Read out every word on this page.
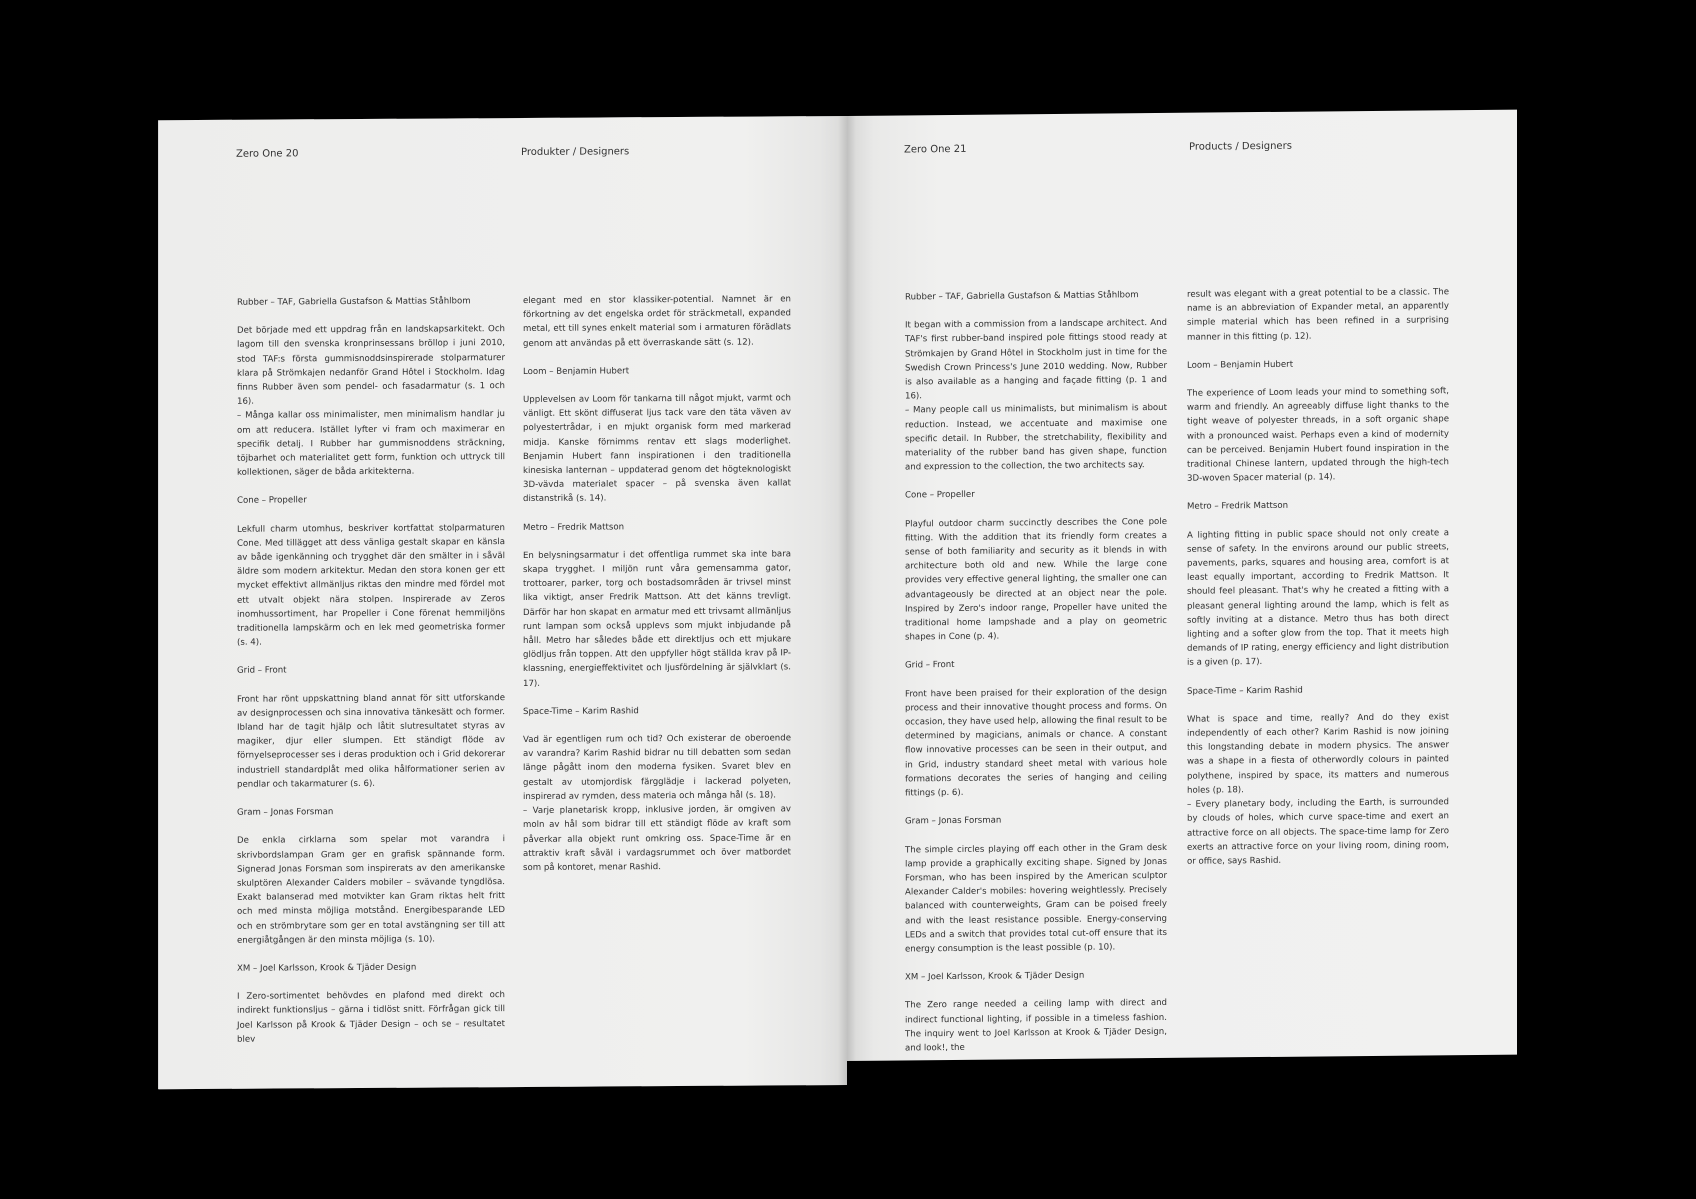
Zero One 20	Produkter / Designers

Rubber – TAF, Gabriella Gustafson & Mattias Ståhlbom

Det började med ett uppdrag från en landskapsarkitekt. Och lagom till den svenska kronprinsessans bröllop i juni 2010, stod TAF:s första gummisnoddsinspirerade stolparmaturer klara på Strömkajen nedanför Grand Hôtel i Stockholm. Idag finns Rubber även som pendel- och fasadarmatur (s. 1 och 16).
– Många kallar oss minimalister, men minimalism handlar ju om att reducera. Istället lyfter vi fram och maximerar en specifik detalj. I Rubber har gummisnoddens sträckning, töjbarhet och materialitet gett form, funktion och uttryck till kollektionen, säger de båda arkitekterna.

Cone – Propeller

Lekfull charm utomhus, beskriver kortfattat stolparmaturen Cone. Med tillägget att dess vänliga gestalt skapar en känsla av både igenkänning och trygghet där den smälter in i såväl äldre som modern arkitektur. Medan den stora konen ger ett mycket effektivt allmänljus riktas den mindre med fördel mot ett utvalt objekt nära stolpen. Inspirerade av Zeros inomhussortiment, har Propeller i Cone förenat hemmiljöns traditionella lampskärm och en lek med geometriska former (s. 4).

Grid – Front

Front har rönt uppskattning bland annat för sitt utforskande av designprocessen och sina innovativa tänkesätt och former. Ibland har de tagit hjälp och låtit slutresultatet styras av magiker, djur eller slumpen. Ett ständigt flöde av förnyelseprocesser ses i deras produktion och i Grid dekorerar industriell standardplåt med olika hålformationer serien av pendlar och takarmaturer (s. 6).

Gram – Jonas Forsman

De enkla cirklarna som spelar mot varandra i skrivbordslampan Gram ger en grafisk spännande form. Signerad Jonas Forsman som inspirerats av den amerikanske skulptören Alexander Calders mobiler – svävande tyngdlösa. Exakt balanserad med motvikter kan Gram riktas helt fritt och med minsta möjliga motstånd. Energibesparande LED och en strömbrytare som ger en total avstängning ser till att energiåtgången är den minsta möjliga (s. 10).

XM – Joel Karlsson, Krook & Tjäder Design

I Zero-sortimentet behövdes en plafond med direkt och indirekt funktionsljus – gärna i tidlöst snitt. Förfrågan gick till Joel Karlsson på Krook & Tjäder Design – och se – resultatet blev

elegant med en stor klassiker-potential. Namnet är en förkortning av det engelska ordet för sträckmetall, expanded metal, ett till synes enkelt material som i armaturen förädlats genom att användas på ett överraskande sätt (s. 12).

Loom – Benjamin Hubert

Upplevelsen av Loom för tankarna till något mjukt, varmt och vänligt. Ett skönt diffuserat ljus tack vare den täta väven av polyestertrådar, i en mjukt organisk form med markerad midja. Kanske förnimms rentav ett slags moderlighet. Benjamin Hubert fann inspirationen i den traditionella kinesiska lanternan – uppdaterad genom det högteknologiskt 3D-vävda materialet spacer – på svenska även kallat distanstrikå (s. 14).

Metro – Fredrik Mattson

En belysningsarmatur i det offentliga rummet ska inte bara skapa trygghet. I miljön runt våra gemensamma gator, trottoarer, parker, torg och bostadsområden är trivsel minst lika viktigt, anser Fredrik Mattson. Att det känns trevligt. Därför har hon skapat en armatur med ett trivsamt allmänljus runt lampan som också upplevs som mjukt inbjudande på håll. Metro har således både ett direktljus och ett mjukare glödljus från toppen. Att den uppfyller högt ställda krav på IP-klassning, energieffektivitet och ljusfördelning är självklart (s. 17).

Space-Time – Karim Rashid

Vad är egentligen rum och tid? Och existerar de oberoende av varandra? Karim Rashid bidrar nu till debatten som sedan länge pågått inom den moderna fysiken. Svaret blev en gestalt av utomjordisk färgglädje i lackerad polyeten, inspirerad av rymden, dess materia och många hål (s. 18).
– Varje planetarisk kropp, inklusive jorden, är omgiven av moln av hål som bidrar till ett ständigt flöde av kraft som påverkar alla objekt runt omkring oss. Space-Time är en attraktiv kraft såväl i vardagsrummet och över matbordet som på kontoret, menar Rashid.

Zero One 21	Products / Designers

Rubber – TAF, Gabriella Gustafson & Mattias Ståhlbom

It began with a commission from a landscape architect. And TAF's first rubber-band inspired pole fittings stood ready at Strömkajen by Grand Hôtel in Stockholm just in time for the Swedish Crown Princess's June 2010 wedding. Now, Rubber is also available as a hanging and façade fitting (p. 1 and 16).
– Many people call us minimalists, but minimalism is about reduction. Instead, we accentuate and maximise one specific detail. In Rubber, the stretchability, flexibility and materiality of the rubber band has given shape, function and expression to the collection, the two architects say.

Cone – Propeller

Playful outdoor charm succinctly describes the Cone pole fitting. With the addition that its friendly form creates a sense of both familiarity and security as it blends in with architecture both old and new. While the large cone provides very effective general lighting, the smaller one can advantageously be directed at an object near the pole. Inspired by Zero's indoor range, Propeller have united the traditional home lampshade and a play on geometric shapes in Cone (p. 4).

Grid – Front

Front have been praised for their exploration of the design process and their innovative thought process and forms. On occasion, they have used help, allowing the final result to be determined by magicians, animals or chance. A constant flow innovative processes can be seen in their output, and in Grid, industry standard sheet metal with various hole formations decorates the series of hanging and ceiling fittings (p. 6).

Gram – Jonas Forsman

The simple circles playing off each other in the Gram desk lamp provide a graphically exciting shape. Signed by Jonas Forsman, who has been inspired by the American sculptor Alexander Calder's mobiles: hovering weightlessly. Precisely balanced with counterweights, Gram can be poised freely and with the least resistance possible. Energy-conserving LEDs and a switch that provides total cut-off ensure that its energy consumption is the least possible (p. 10).

XM – Joel Karlsson, Krook & Tjäder Design

The Zero range needed a ceiling lamp with direct and indirect functional lighting, if possible in a timeless fashion. The inquiry went to Joel Karlsson at Krook & Tjäder Design, and look!, the

result was elegant with a great potential to be a classic. The name is an abbreviation of Expander metal, an apparently simple material which has been refined in a surprising manner in this fitting (p. 12).

Loom – Benjamin Hubert

The experience of Loom leads your mind to something soft, warm and friendly. An agreeably diffuse light thanks to the tight weave of polyester threads, in a soft organic shape with a pronounced waist. Perhaps even a kind of modernity can be perceived. Benjamin Hubert found inspiration in the traditional Chinese lantern, updated through the high-tech 3D-woven Spacer material (p. 14).

Metro – Fredrik Mattson

A lighting fitting in public space should not only create a sense of safety. In the environs around our public streets, pavements, parks, squares and housing area, comfort is at least equally important, according to Fredrik Mattson. It should feel pleasant. That's why he created a fitting with a pleasant general lighting around the lamp, which is felt as softly inviting at a distance. Metro thus has both direct lighting and a softer glow from the top. That it meets high demands of IP rating, energy efficiency and light distribution is a given (p. 17).

Space-Time – Karim Rashid

What is space and time, really? And do they exist independently of each other? Karim Rashid is now joining this longstanding debate in modern physics. The answer was a shape in a fiesta of otherwordly colours in painted polythene, inspired by space, its matters and numerous holes (p. 18).
– Every planetary body, including the Earth, is surrounded by clouds of holes, which curve space-time and exert an attractive force on all objects. The space-time lamp for Zero exerts an attractive force on your living room, dining room, or office, says Rashid.
